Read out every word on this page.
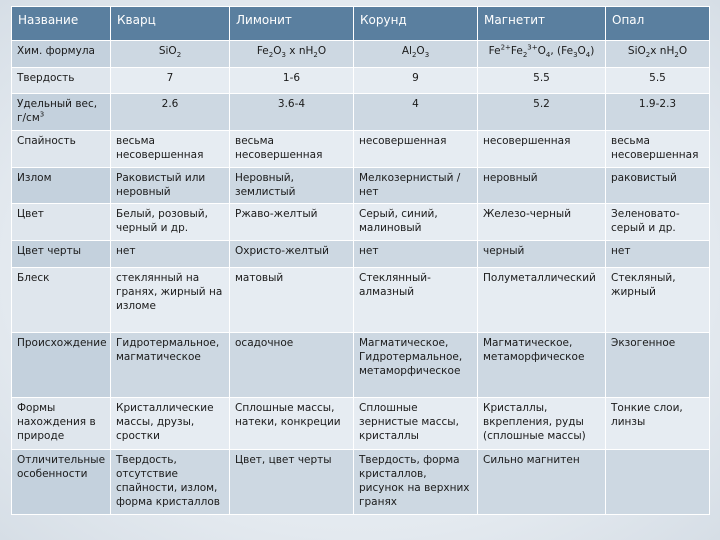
Название	Кварц	Лимонит	Корунд	Магнетит	Опал
Хим. формула	SiO$_2$	$Fe_2O_3$ x $nH_2O$	$Al_2O_3$	$Fe^{2+}Fe_2^{3+}O_4$, $(Fe_3O_4)$	SiO$_2$x $nH_2O$
Твердость	7	1-6	9	5.5	5.5
Удельный вес, $г/см^3$	2.6	3.6-4	4	5.2	1.9-2.3
Спайность	весьма несовершенная	весьма несовершенная	несовершенная	несовершенная	весьма несовершенная
Излом	Раковистый или неровный	Неровный, землистый	Мелкозернистый / нет	неровный	раковистый
Цвет	Белый, розовый, черный и др.	Ржаво-желтый	Серый, синий, малиновый	Железо-черный	Зеленовато-серый и др.
Цвет черты	нет	Охристо-желтый	нет	черный	нет
Блеск	стеклянный на гранях, жирный на изломе	матовый	Стеклянный-алмазный	Полуметаллический	Стекляный, жирный
Происхождение	Гидротермальное, магматическое	осадочное	Магматическое, Гидротермальное, метаморфическое	Магматическое, метаморфическое	Экзогенное
Формы нахождения в природе	Кристаллические массы, друзы, сростки	Сплошные массы, натеки, конкреции	Сплошные зернистые массы, кристаллы	Кристаллы, вкрепления, руды (сплошные массы)	Тонкие слои, линзы
Отличительные особенности	Твердость, отсутствие спайности, излом, форма кристаллов	Цвет, цвет черты	Твердость, форма кристаллов, рисунок на верхних гранях	Сильно магнитен	
